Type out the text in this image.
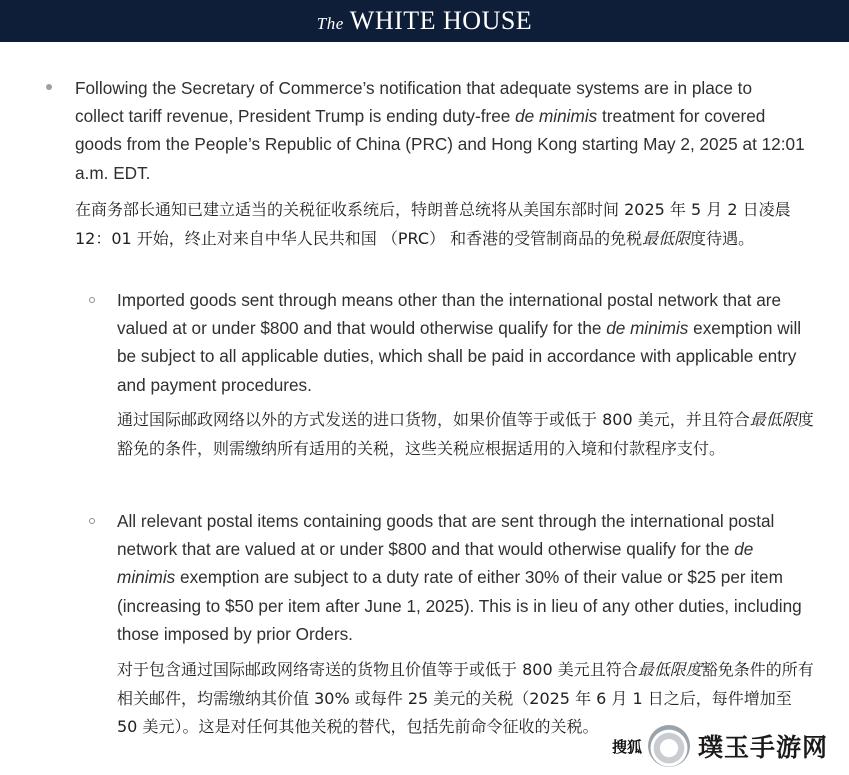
The WHITE HOUSE
Following the Secretary of Commerce’s notification that adequate systems are in place to collect tariff revenue, President Trump is ending duty-free de minimis treatment for covered goods from the People’s Republic of China (PRC) and Hong Kong starting May 2, 2025 at 12:01 a.m. EDT.
在商务部长通知已建立适当的关税征收系统后，特朗普总统将从美国东部时间 2025 年 5 月 2 日凌晨 12：01 开始，终止对来自中华人民共和国 （PRC） 和香港的受管制商品的免税最低限度待遇。
Imported goods sent through means other than the international postal network that are valued at or under $800 and that would otherwise qualify for the de minimis exemption will be subject to all applicable duties, which shall be paid in accordance with applicable entry and payment procedures.
通过国际邮政网络以外的方式发送的进口货物，如果价值等于或低于 800 美元，并且符合最低限度豁免的条件，则需缴纳所有适用的关税，这些关税应根据适用的入境和付款程序支付。
All relevant postal items containing goods that are sent through the international postal network that are valued at or under $800 and that would otherwise qualify for the de minimis exemption are subject to a duty rate of either 30% of their value or $25 per item (increasing to $50 per item after June 1, 2025). This is in lieu of any other duties, including those imposed by prior Orders.
对于包含通过国际邮政网络寄送的货物且价值等于或低于 800 美元且符合最低限度豁免条件的所有相关邮件，均需缴纳其价值 30% 或每件 25 美元的关税（2025 年 6 月 1 日之后，每件增加至 50 美元）。这是对任何其他关税的替代，包括先前命令征收的关税。
搜狐 璞玉手游网
